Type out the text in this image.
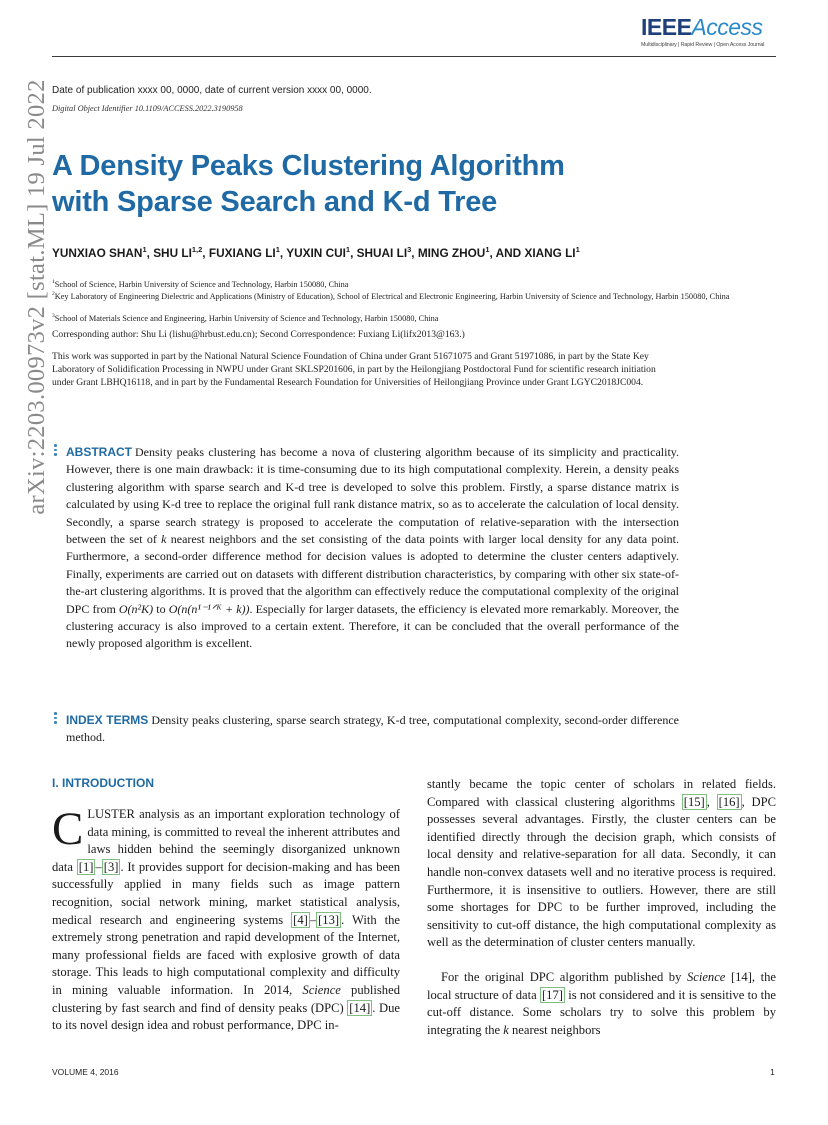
IEEEAccess
Multidisciplinary | Rapid Review | Open Access Journal
Date of publication xxxx 00, 0000, date of current version xxxx 00, 0000.
Digital Object Identifier 10.1109/ACCESS.2022.3190958
A Density Peaks Clustering Algorithm
with Sparse Search and K-d Tree
YUNXIAO SHAN$^1$, SHU LI$^{1,2}$, FUXIANG $LI^1$, YUXIN CUI$^1$, SHUAI $LI^3$, MING ZHOU$^1$, AND XIANG $LI^1$
$^1$School of Science, Harbin University of Science and Technology, Harbin 150080, China
$^2$Key Laboratory of Engineering Dielectric and Applications (Ministry of Education), School of Electrical and Electronic Engineering, Harbin University of Science and Technology, Harbin 150080, China
$^3$School of Materials Science and Engineering, Harbin University of Science and Technology, Harbin 150080, China
Corresponding author: Shu Li (lishu@hrbust.edu.cn); Second Correspondence: Fuxiang Li(lifx2013@163.)
This work was supported in part by the National Natural Science Foundation of China under Grant 51671075 and Grant 51971086, in part by the State Key Laboratory of Solidification Processing in NWPU under Grant SKLSP201606, in part by the Heilongjiang Postdoctoral Fund for scientific research initiation under Grant LBHQ16118, and in part by the Fundamental Research Foundation for Universities of Heilongjiang Province under Grant LGYC2018JC004.
arXiv:2203.00973v2 [stat.ML] 19 Jul 2022 ABSTRACT Density peaks clustering has become a nova of clustering algorithm because of its simplicity and practicality. However, there is one main drawback: it is time-consuming due to its high computational complexity. Herein, a density peaks clustering algorithm with sparse search and K-d tree is developed to solve this problem. Firstly, a sparse distance matrix is calculated by using K-d tree to replace the original full rank distance matrix, so as to accelerate the calculation of local density. Secondly, a sparse search strategy is proposed to accelerate the computation of relative-separation with the intersection between the set of k nearest neighbors and the set consisting of the data points with larger local density for any data point. Furthermore, a second-order difference method for decision values is adopted to determine the cluster centers adaptively. Finally, experiments are carried out on datasets with different distribution characteristics, by comparing with other six state-of-the-art clustering algorithms. It is proved that the algorithm can effectively reduce the computational complexity of the original DPC from O(n²K) to O(n(n¹⁻¹ᐟᴷ + k)). Especially for larger datasets, the efficiency is elevated more remarkably. Moreover, the clustering accuracy is also improved to a certain extent. Therefore, it can be concluded that the overall performance of the newly proposed algorithm is excellent.
INDEX TERMS Density peaks clustering, sparse search strategy, K-d tree, computational complexity, second-order difference method.
I. INTRODUCTION

CLUSTER analysis as an important exploration technology of data mining, is committed to reveal the inherent attributes and laws hidden behind the seemingly disorganized unknown data [1] – [3] . It provides support for decision-making and has been successfully applied in many fields such as image pattern recognition, social network mining, market statistical analysis, medical research and engineering systems [4] – [13] . With the extremely strong penetration and rapid development of the Internet, many professional fields are faced with explosive growth of data storage. This leads to high computational complexity and difficulty in mining valuable information. In 2014, Science published clustering by fast search and find of density peaks (DPC) [14] . Due to its novel design idea and robust performance, DPC in-

stantly became the topic center of scholars in related fields. Compared with classical clustering algorithms [15] , [16] , DPC possesses several advantages. Firstly, the cluster centers can be identified directly through the decision graph, which consists of local density and relative-separation for all data. Secondly, it can handle non-convex datasets well and no iterative process is required. Furthermore, it is insensitive to outliers. However, there are still some shortages for DPC to be further improved, including the sensitivity to cut-off distance, the high computational complexity as well as the determination of cluster centers manually.

For the original DPC algorithm published by Science [14], the local structure of data [17] is not considered and it is sensitive to the cut-off distance. Some scholars try to solve this problem by integrating the k nearest neighbors

VOLUME 4, 2016	1
